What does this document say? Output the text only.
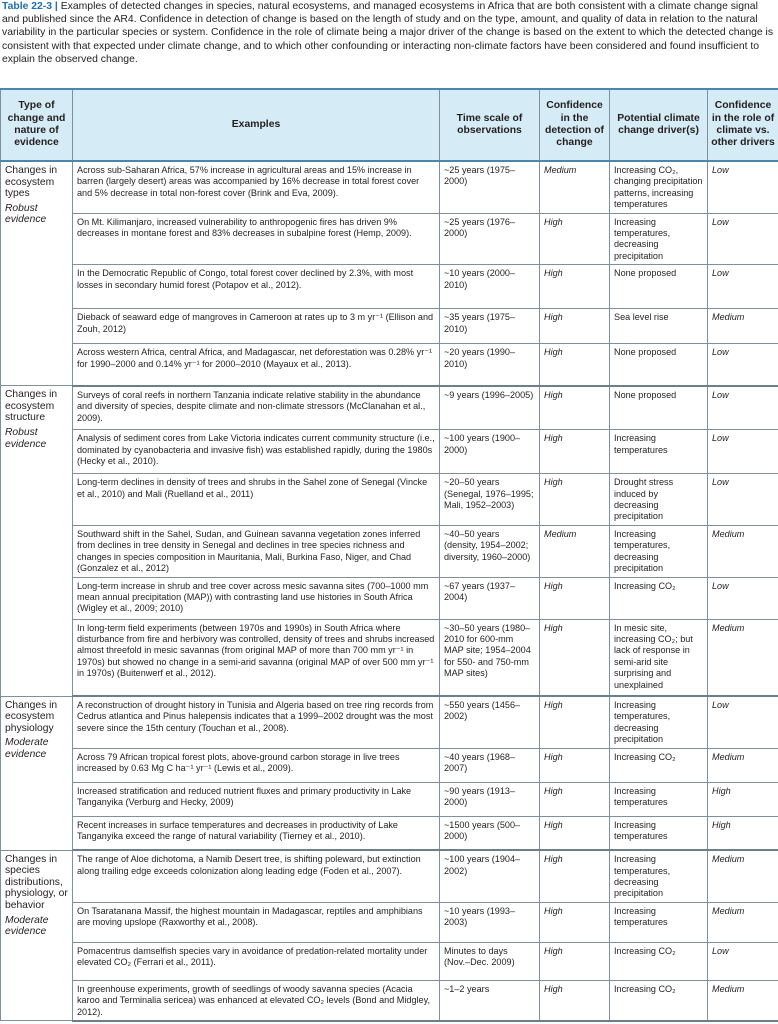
Table 22-3 | Examples of detected changes in species, natural ecosystems, and managed ecosystems in Africa that are both consistent with a climate change signal and published since the AR4. Confidence in detection of change is based on the length of study and on the type, amount, and quality of data in relation to the natural variability in the particular species or system. Confidence in the role of climate being a major driver of the change is based on the extent to which the detected change is consistent with that expected under climate change, and to which other confounding or interacting non-climate factors have been considered and found insufficient to explain the observed change.
Type of change and nature of evidence	Examples	Time scale of observations	Confidence in the detection of change	Potential climate change driver(s)	Confidence in the role of climate vs. other drivers
Changes in ecosystem types
Robust evidence	Across sub-Saharan Africa, 57% increase in agricultural areas and 15% increase in barren (largely desert) areas was accompanied by 16% decrease in total forest cover and 5% decrease in total non-forest cover (Brink and Eva, 2009).	~25 years (1975–2000)	Medium	Increasing CO₂, changing precipitation patterns, increasing temperatures	Low
	On Mt. Kilimanjaro, increased vulnerability to anthropogenic fires has driven 9% decreases in montane forest and 83% decreases in subalpine forest (Hemp, 2009).	~25 years (1976–2000)	High	Increasing temperatures, decreasing precipitation	Low
	In the Democratic Republic of Congo, total forest cover declined by 2.3%, with most losses in secondary humid forest (Potapov et al., 2012).	~10 years (2000–2010)	High	None proposed	Low
	Dieback of seaward edge of mangroves in Cameroon at rates up to 3 m yr⁻¹ (Ellison and Zouh, 2012)	~35 years (1975–2010)	High	Sea level rise	Medium
	Across western Africa, central Africa, and Madagascar, net deforestation was 0.28% yr⁻¹ for 1990–2000 and 0.14% yr⁻¹ for 2000–2010 (Mayaux et al., 2013).	~20 years (1990–2010)	High	None proposed	Low
Changes in ecosystem structure
Robust evidence	Surveys of coral reefs in northern Tanzania indicate relative stability in the abundance and diversity of species, despite climate and non-climate stressors (McClanahan et al., 2009).	~9 years (1996–2005)	High	None proposed	Low
	Analysis of sediment cores from Lake Victoria indicates current community structure (i.e., dominated by cyanobacteria and invasive fish) was established rapidly, during the 1980s (Hecky et al., 2010).	~100 years (1900–2000)	High	Increasing temperatures	Low
	Long-term declines in density of trees and shrubs in the Sahel zone of Senegal (Vincke et al., 2010) and Mali (Ruelland et al., 2011)	~20–50 years (Senegal, 1976–1995; Mali, 1952–2003)	High	Drought stress induced by decreasing precipitation	Low
	Southward shift in the Sahel, Sudan, and Guinean savanna vegetation zones inferred from declines in tree density in Senegal and declines in tree species richness and changes in species composition in Mauritania, Mali, Burkina Faso, Niger, and Chad (Gonzalez et al., 2012)	~40–50 years (density, 1954–2002; diversity, 1960–2000)	Medium	Increasing temperatures, decreasing precipitation	Medium
	Long-term increase in shrub and tree cover across mesic savanna sites (700–1000 mm mean annual precipitation (MAP)) with contrasting land use histories in South Africa (Wigley et al., 2009; 2010)	~67 years (1937–2004)	High	Increasing CO₂	Low
	In long-term field experiments (between 1970s and 1990s) in South Africa where disturbance from fire and herbivory was controlled, density of trees and shrubs increased almost threefold in mesic savannas (from original MAP of more than 700 mm yr⁻¹ in 1970s) but showed no change in a semi-arid savanna (original MAP of over 500 mm yr⁻¹ in 1970s) (Buitenwerf et al., 2012).	~30–50 years (1980–2010 for 600-mm MAP site; 1954–2004 for 550- and 750-mm MAP sites)	High	In mesic site, increasing CO₂; but lack of response in semi-arid site surprising and unexplained	Medium
Changes in ecosystem physiology
Moderate evidence	A reconstruction of drought history in Tunisia and Algeria based on tree ring records from Cedrus atlantica and Pinus halepensis indicates that a 1999–2002 drought was the most severe since the 15th century (Touchan et al., 2008).	~550 years (1456–2002)	High	Increasing temperatures, decreasing precipitation	Low
	Across 79 African tropical forest plots, above-ground carbon storage in live trees increased by 0.63 Mg C ha⁻¹ yr⁻¹ (Lewis et al., 2009).	~40 years (1968–2007)	High	Increasing CO₂	Medium
	Increased stratification and reduced nutrient fluxes and primary productivity in Lake Tanganyika (Verburg and Hecky, 2009)	~90 years (1913–2000)	High	Increasing temperatures	High
	Recent increases in surface temperatures and decreases in productivity of Lake Tanganyika exceed the range of natural variability (Tierney et al., 2010).	~1500 years (500–2000)	High	Increasing temperatures	High
Changes in species distributions, physiology, or behavior
Moderate evidence	The range of Aloe dichotoma, a Namib Desert tree, is shifting poleward, but extinction along trailing edge exceeds colonization along leading edge (Foden et al., 2007).	~100 years (1904–2002)	High	Increasing temperatures, decreasing precipitation	Medium
	On Tsaratanana Massif, the highest mountain in Madagascar, reptiles and amphibians are moving upslope (Raxworthy et al., 2008).	~10 years (1993–2003)	High	Increasing temperatures	Medium
	Pomacentrus damselfish species vary in avoidance of predation-related mortality under elevated CO₂ (Ferrari et al., 2011).	Minutes to days (Nov.–Dec. 2009)	High	Increasing CO₂	Low
	In greenhouse experiments, growth of seedlings of woody savanna species (Acacia karoo and Terminalia sericea) was enhanced at elevated CO₂ levels (Bond and Midgley, 2012).	~1–2 years	High	Increasing CO₂	Medium
